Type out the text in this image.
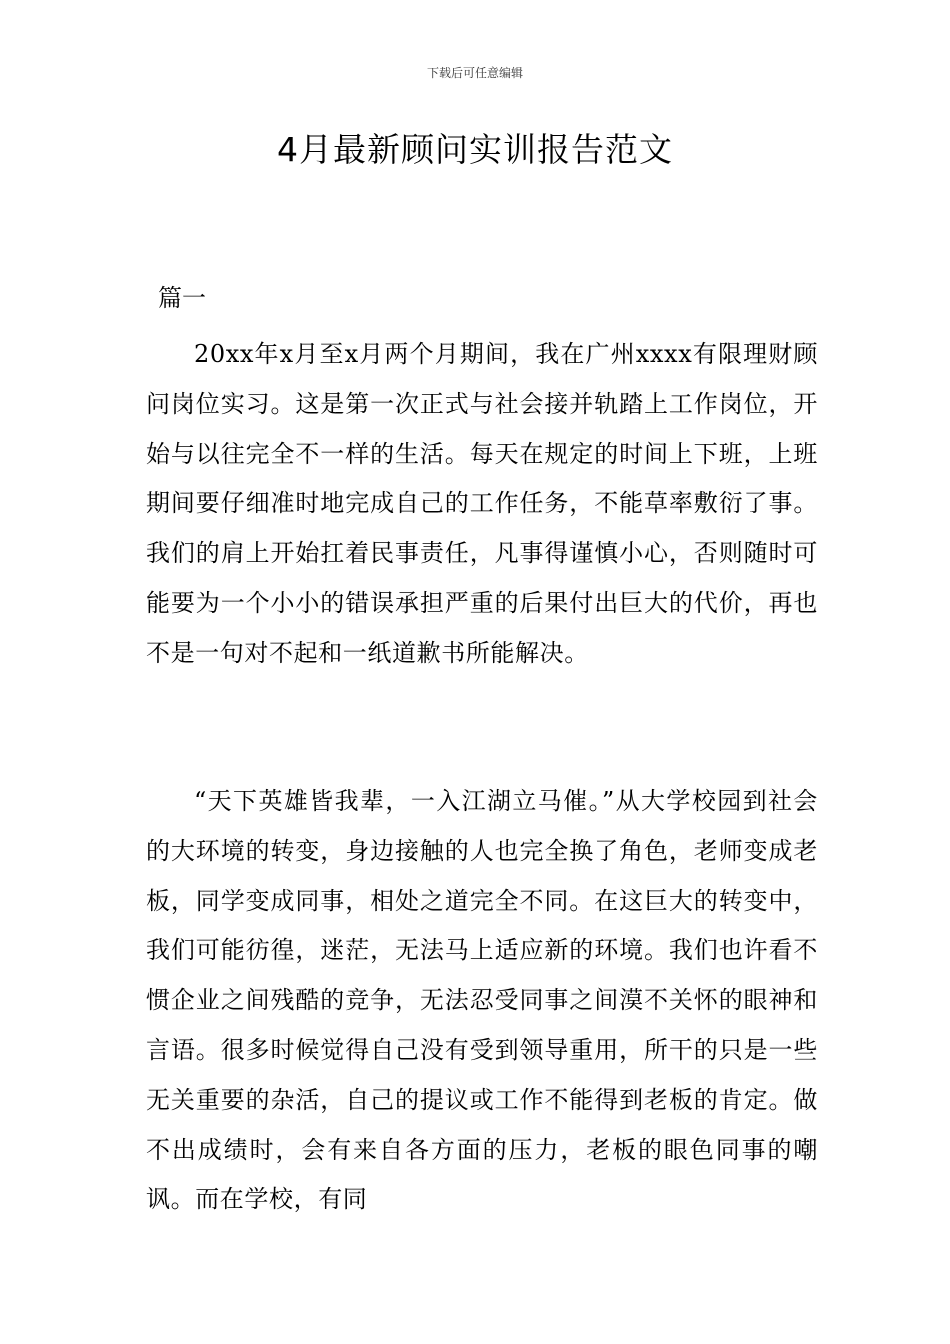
下载后可任意编辑
4月最新顾问实训报告范文
篇一

20xx年x月至x月两个月期间，我在广州xxxx有限理财顾问岗位实习。这是第一次正式与社会接并轨踏上工作岗位，开始与以往完全不一样的生活。每天在规定的时间上下班，上班期间要仔细准时地完成自己的工作任务，不能草率敷衍了事。我们的肩上开始扛着民事责任，凡事得谨慎小心，否则随时可能要为一个小小的错误承担严重的后果付出巨大的代价，再也不是一句对不起和一纸道歉书所能解决。

“天下英雄皆我辈，一入江湖立马催。”从大学校园到社会的大环境的转变，身边接触的人也完全换了角色，老师变成老板，同学变成同事，相处之道完全不同。在这巨大的转变中，我们可能彷徨，迷茫，无法马上适应新的环境。我们也许看不惯企业之间残酷的竞争，无法忍受同事之间漠不关怀的眼神和言语。很多时候觉得自己没有受到领导重用，所干的只是一些无关重要的杂活，自己的提议或工作不能得到老板的肯定。做不出成绩时，会有来自各方面的压力，老板的眼色同事的嘲讽。而在学校，有同
